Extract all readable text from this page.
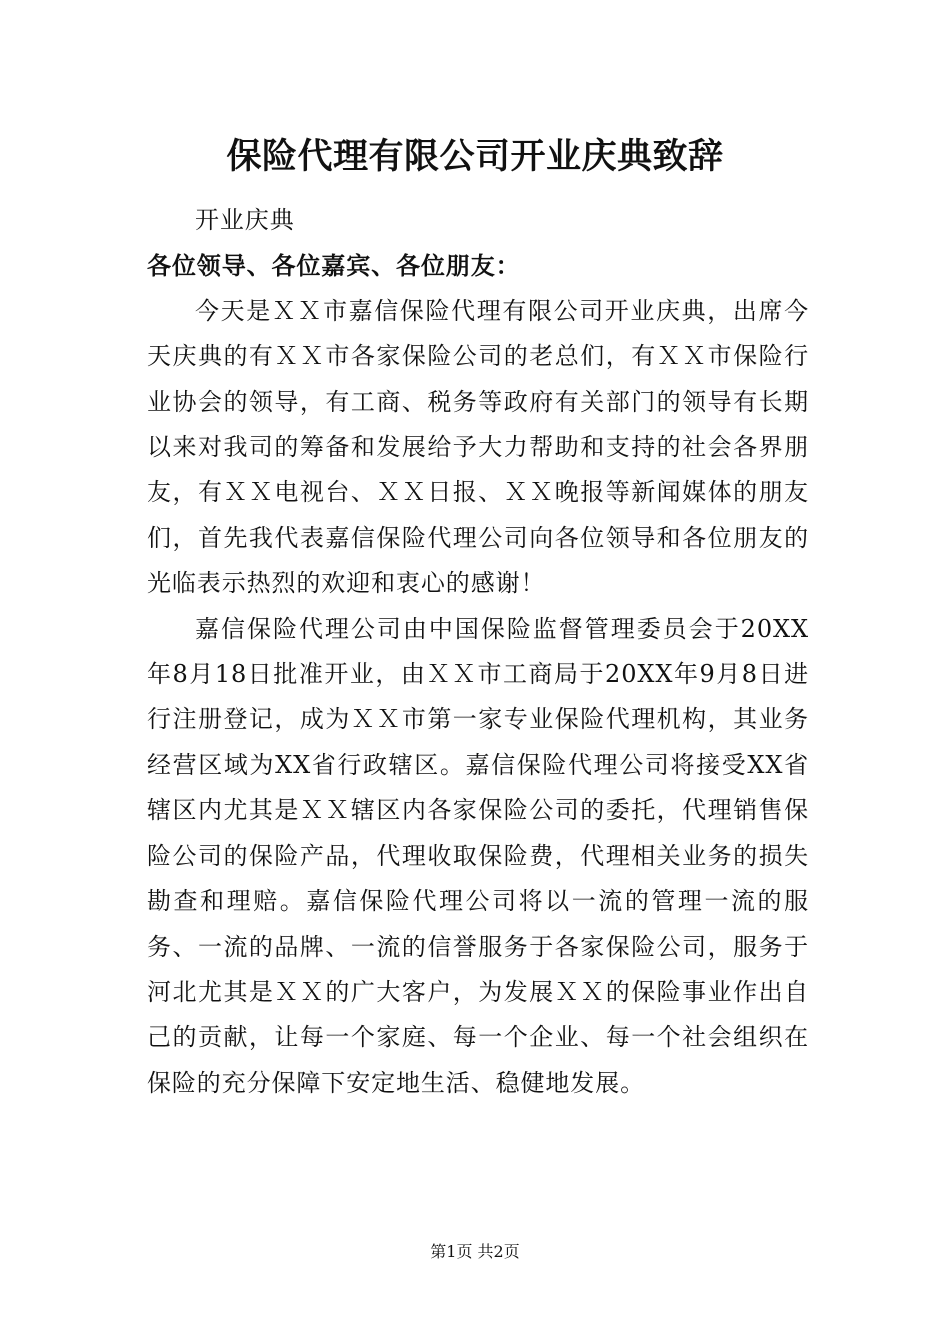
保险代理有限公司开业庆典致辞

开业庆典

各位领导、各位嘉宾、各位朋友：

今天是ＸＸ市嘉信保险代理有限公司开业庆典，出席今天庆典的有ＸＸ市各家保险公司的老总们，有ＸＸ市保险行业协会的领导，有工商、税务等政府有关部门的领导有长期以来对我司的筹备和发展给予大力帮助和支持的社会各界朋友，有ＸＸ电视台、ＸＸ日报、ＸＸ晚报等新闻媒体的朋友们，首先我代表嘉信保险代理公司向各位领导和各位朋友的光临表示热烈的欢迎和衷心的感谢！

嘉信保险代理公司由中国保险监督管理委员会于20XX年8月18日批准开业，由ＸＸ市工商局于20XX年9月8日进行注册登记，成为ＸＸ市第一家专业保险代理机构，其业务经营区域为XX省行政辖区。嘉信保险代理公司将接受XX省辖区内尤其是ＸＸ辖区内各家保险公司的委托，代理销售保险公司的保险产品，代理收取保险费，代理相关业务的损失勘查和理赔。嘉信保险代理公司将以一流的管理一流的服务、一流的品牌、一流的信誉服务于各家保险公司，服务于河北尤其是ＸＸ的广大客户，为发展ＸＸ的保险事业作出自己的贡献，让每一个家庭、每一个企业、每一个社会组织在保险的充分保障下安定地生活、稳健地发展。

第1页 共2页
